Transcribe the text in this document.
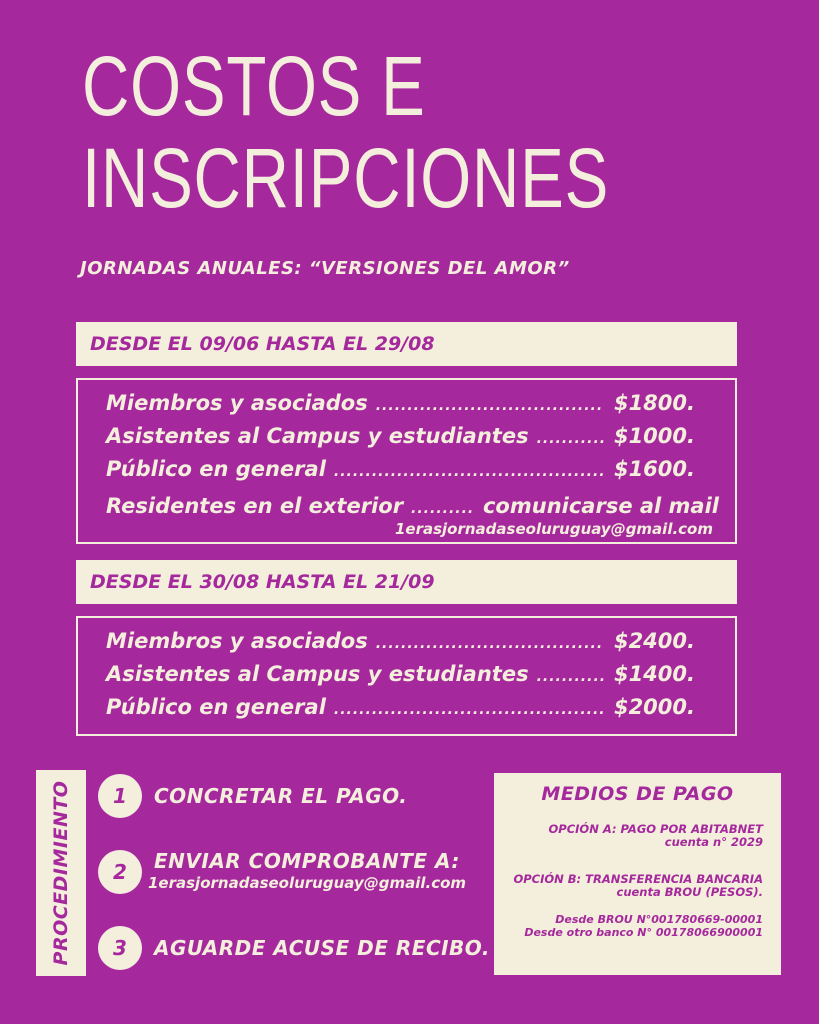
COSTOS E
INSCRIPCIONES
JORNADAS ANUALES: “VERSIONES DEL AMOR”
DESDE EL 09/06 HASTA EL 29/08
Miembros y asociados .....	$1800.
Asistentes al Campus y estudiantes .....	$1000.
Público en general .....	$1600.
Residentes en el exterior .....	comunicarse al mail
1erasjornadaseoluruguay@gmail.com
DESDE EL 30/08 HASTA EL 21/09
Miembros y asociados .....	$2400.
Asistentes al Campus y estudiantes .....	$1400.
Público en general .....	$2000.
PROCEDIMIENTO	1	CONCRETAR EL PAGO.
2	ENVIAR COMPROBANTE A:
1erasjornadaseoluruguay@gmail.com
3	AGUARDE ACUSE DE RECIBO.
MEDIOS DE PAGO
OPCIÓN A: PAGO POR ABITABNET
cuenta n° 2029
OPCIÓN B: TRANSFERENCIA BANCARIA
cuenta BROU (PESOS).
Desde BROU N°001780669-00001
Desde otro banco N° 00178066900001
